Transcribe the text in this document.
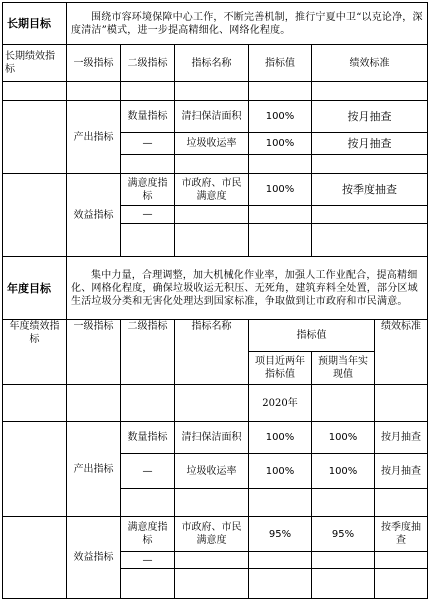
长期目标	围绕市容环境保障中心工作，不断完善机制，推行宁夏中卫“以克论净，深度清洁”模式，进一步提高精细化、网络化程度。				
长期绩效指标	一级指标	二级指标	指标名称	指标值	绩效标准

	产出指标	数量指标	清扫保洁面积	100%	按月抽查
		—	垃圾收运率	100%	按月抽查

	效益指标	满意度指标	市政府、市民满意度	100%	按季度抽查
		—			

年度目标	集中力量，合理调整，加大机械化作业率，加强人工作业配合，提高精细化、网格化程度，确保垃圾收运无积压、无死角，建筑弃料全处置，部分区域生活垃圾分类和无害化处理达到国家标准，争取做到让市政府和市民满意。					
年度绩效指标	一级指标	二级指标	指标名称	指标值		绩效标准
				项目近两年指标值	预期当年实现值	
				2020年		
	产出指标	数量指标	清扫保洁面积	100%	100%	按月抽查
		—	垃圾收运率	100%	100%	按月抽查

	效益指标	满意度指标	市政府、市民满意度	95%	95%	按季度抽查
		—				
